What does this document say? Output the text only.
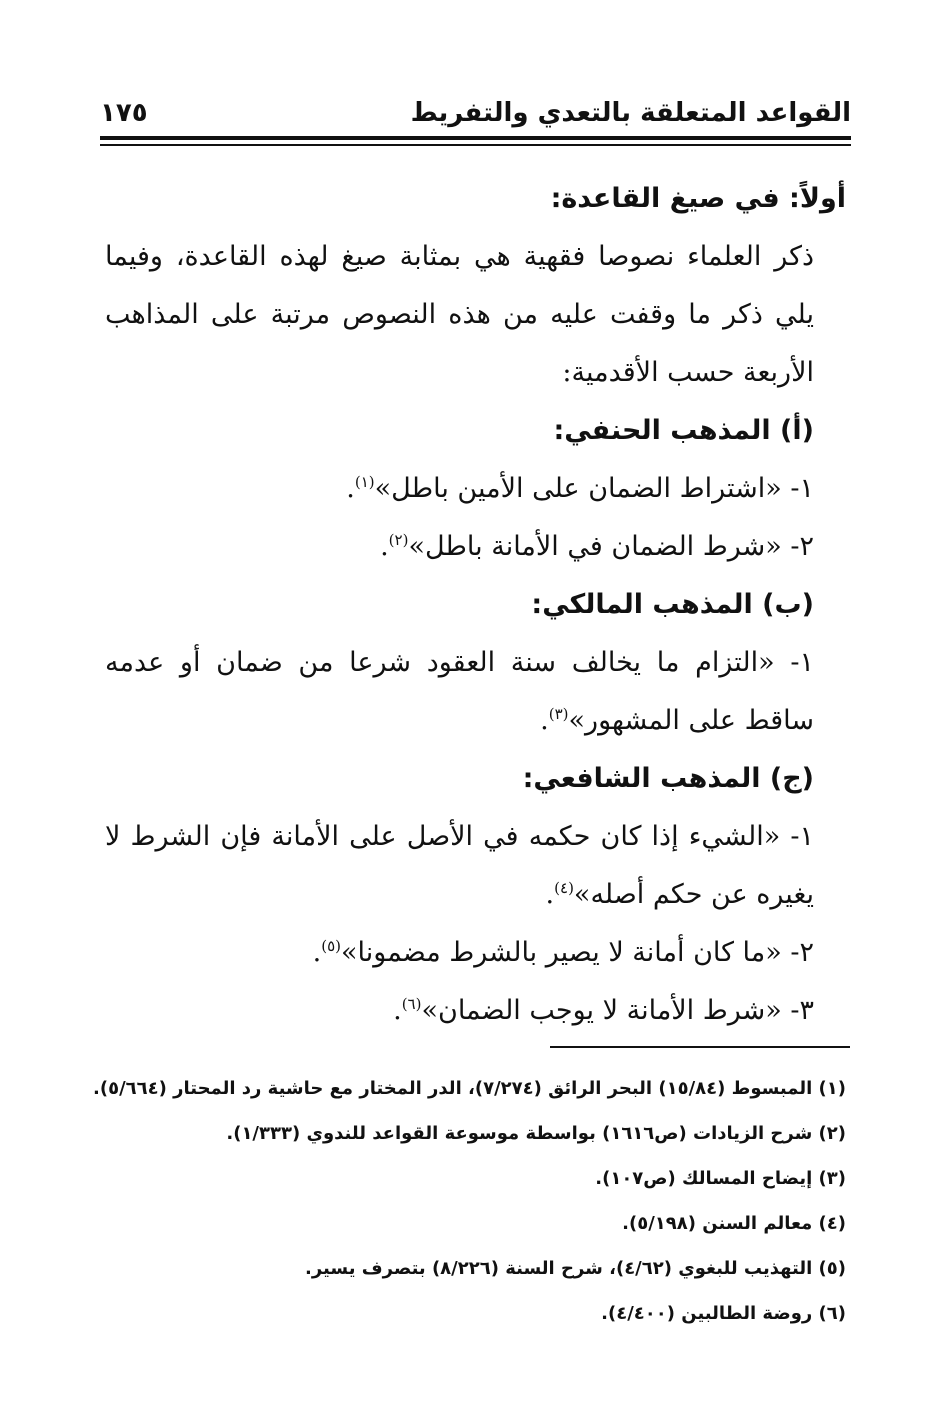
القواعد المتعلقة بالتعدي والتفريط
١٧٥

أولاً: في صيغ القاعدة:

ذكر العلماء نصوصا فقهية هي بمثابة صيغ لهذه القاعدة، وفيما يلي ذكر ما وقفت عليه من هذه النصوص مرتبة على المذاهب الأربعة حسب الأقدمية:

(أ) المذهب الحنفي:

١- «اشتراط الضمان على الأمين باطل»$^{(١)}$.

٢- «شرط الضمان في الأمانة باطل»$^{(٢)}$.

(ب) المذهب المالكي:

١- «التزام ما يخالف سنة العقود شرعا من ضمان أو عدمه ساقط على المشهور»$^{(٣)}$.

(ج) المذهب الشافعي:

١- «الشيء إذا كان حكمه في الأصل على الأمانة فإن الشرط لا يغيره عن حكم أصله»$^{(٤)}$.

٢- «ما كان أمانة لا يصير بالشرط مضمونا»$^{(٥)}$.

٣- «شرط الأمانة لا يوجب الضمان»$^{(٦)}$.

(١) المبسوط (١٥/٨٤) البحر الرائق (٧/٢٧٤)، الدر المختار مع حاشية رد المحتار (٥/٦٦٤).

(٢) شرح الزيادات (ص١٦١٦) بواسطة موسوعة القواعد للندوي (١/٣٣٣).

(٣) إيضاح المسالك (ص١٠٧).

(٤) معالم السنن (٥/١٩٨).

(٥) التهذيب للبغوي (٤/٦٢)، شرح السنة (٨/٢٢٦) بتصرف يسير.

(٦) روضة الطالبين (٤/٤٠٠).
